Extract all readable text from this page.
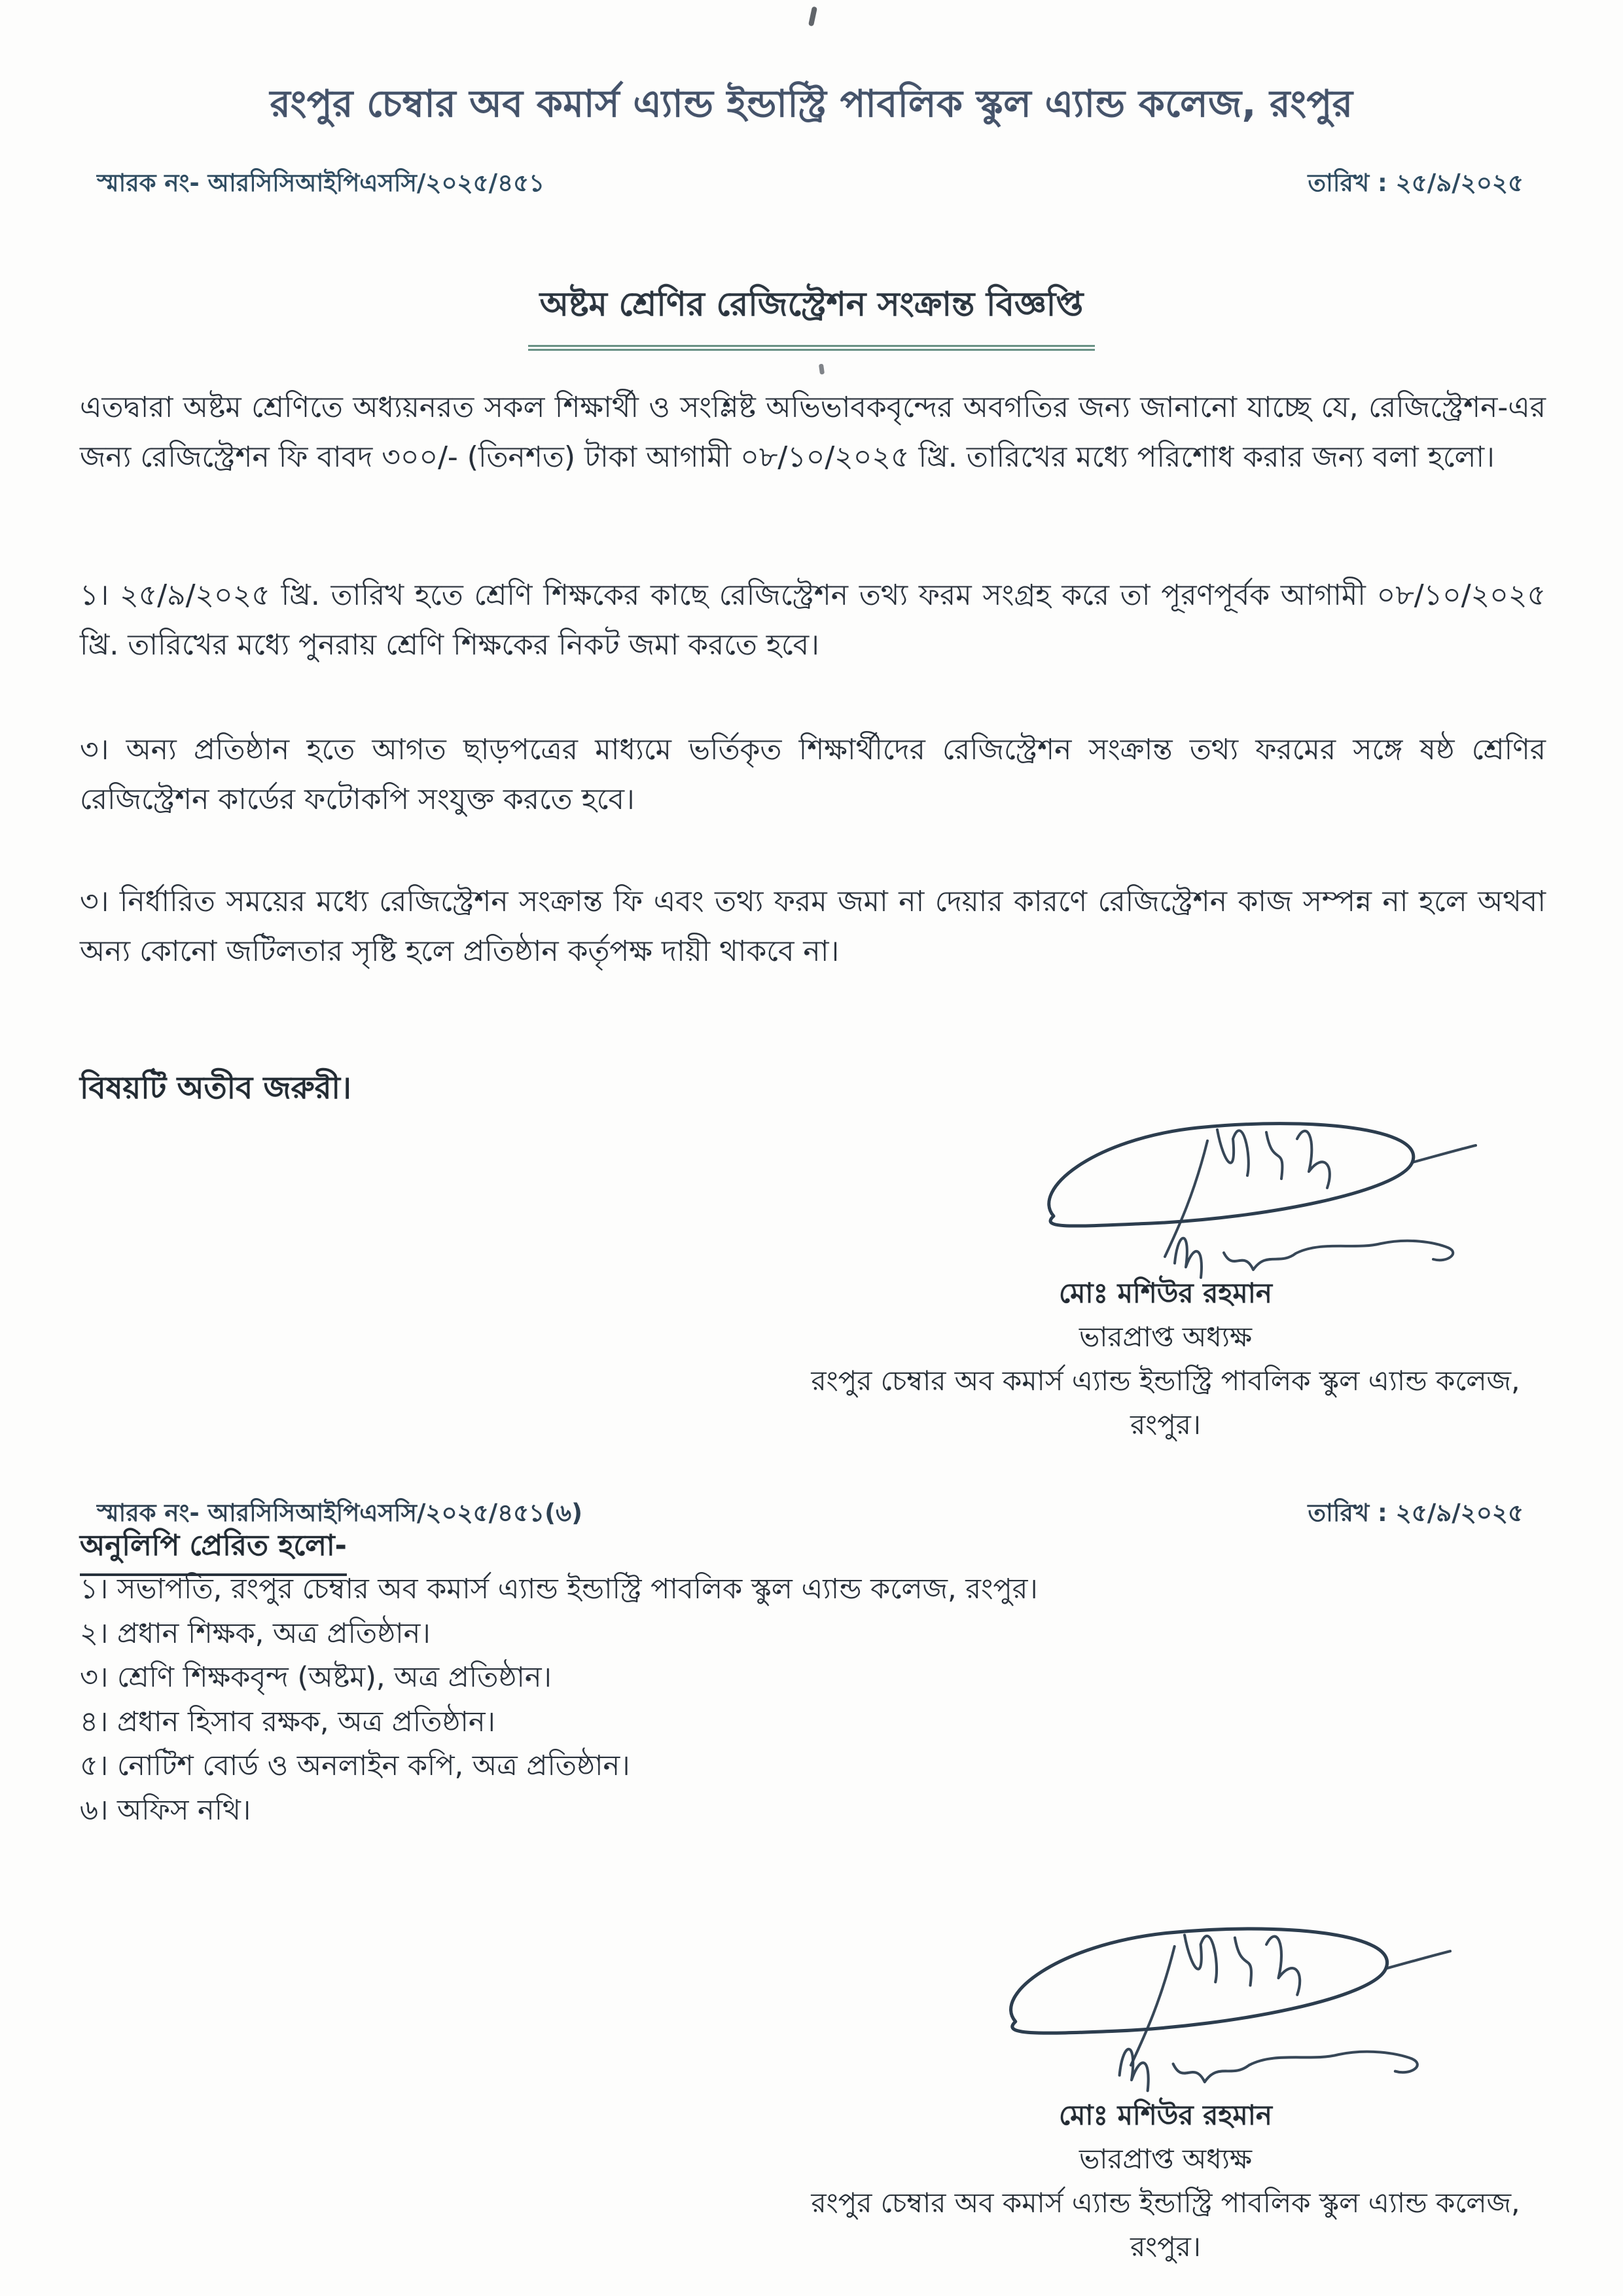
রংপুর চেম্বার অব কমার্স এ্যান্ড ইন্ডাস্ট্রি পাবলিক স্কুল এ্যান্ড কলেজ, রংপুর
স্মারক নং- আরসিসিআইপিএসসি/২০২৫/৪৫১	তারিখ : ২৫/৯/২০২৫
অষ্টম শ্রেণির রেজিস্ট্রেশন সংক্রান্ত বিজ্ঞপ্তি
এতদ্বারা অষ্টম শ্রেণিতে অধ্যয়নরত সকল শিক্ষার্থী ও সংশ্লিষ্ট অভিভাবকবৃন্দের অবগতির জন্য জানানো যাচ্ছে যে, রেজিস্ট্রেশন-এর জন্য রেজিস্ট্রেশন ফি বাবদ ৩০০/- (তিনশত) টাকা আগামী ০৮/১০/২০২৫ খ্রি. তারিখের মধ্যে পরিশোধ করার জন্য বলা হলো।
১। ২৫/৯/২০২৫ খ্রি. তারিখ হতে শ্রেণি শিক্ষকের কাছে রেজিস্ট্রেশন তথ্য ফরম সংগ্রহ করে তা পূরণপূর্বক আগামী ০৮/১০/২০২৫ খ্রি. তারিখের মধ্যে পুনরায় শ্রেণি শিক্ষকের নিকট জমা করতে হবে।
৩। অন্য প্রতিষ্ঠান হতে আগত ছাড়পত্রের মাধ্যমে ভর্তিকৃত শিক্ষার্থীদের রেজিস্ট্রেশন সংক্রান্ত তথ্য ফরমের সঙ্গে ষষ্ঠ শ্রেণির রেজিস্ট্রেশন কার্ডের ফটোকপি সংযুক্ত করতে হবে।
৩। নির্ধারিত সময়ের মধ্যে রেজিস্ট্রেশন সংক্রান্ত ফি এবং তথ্য ফরম জমা না দেয়ার কারণে রেজিস্ট্রেশন কাজ সম্পন্ন না হলে অথবা অন্য কোনো জটিলতার সৃষ্টি হলে প্রতিষ্ঠান কর্তৃপক্ষ দায়ী থাকবে না।
বিষয়টি অতীব জরুরী।
মোঃ মশিউর রহমান
ভারপ্রাপ্ত অধ্যক্ষ
রংপুর চেম্বার অব কমার্স এ্যান্ড ইন্ডাস্ট্রি পাবলিক স্কুল এ্যান্ড কলেজ,
রংপুর।
স্মারক নং- আরসিসিআইপিএসসি/২০২৫/৪৫১(৬)	তারিখ : ২৫/৯/২০২৫
অনুলিপি প্রেরিত হলো-
১। সভাপতি, রংপুর চেম্বার অব কমার্স এ্যান্ড ইন্ডাস্ট্রি পাবলিক স্কুল এ্যান্ড কলেজ, রংপুর।
২। প্রধান শিক্ষক, অত্র প্রতিষ্ঠান।
৩। শ্রেণি শিক্ষকবৃন্দ (অষ্টম), অত্র প্রতিষ্ঠান।
৪। প্রধান হিসাব রক্ষক, অত্র প্রতিষ্ঠান।
৫। নোটিশ বোর্ড ও অনলাইন কপি, অত্র প্রতিষ্ঠান।
৬। অফিস নথি।
মোঃ মশিউর রহমান
ভারপ্রাপ্ত অধ্যক্ষ
রংপুর চেম্বার অব কমার্স এ্যান্ড ইন্ডাস্ট্রি পাবলিক স্কুল এ্যান্ড কলেজ,
রংপুর।
